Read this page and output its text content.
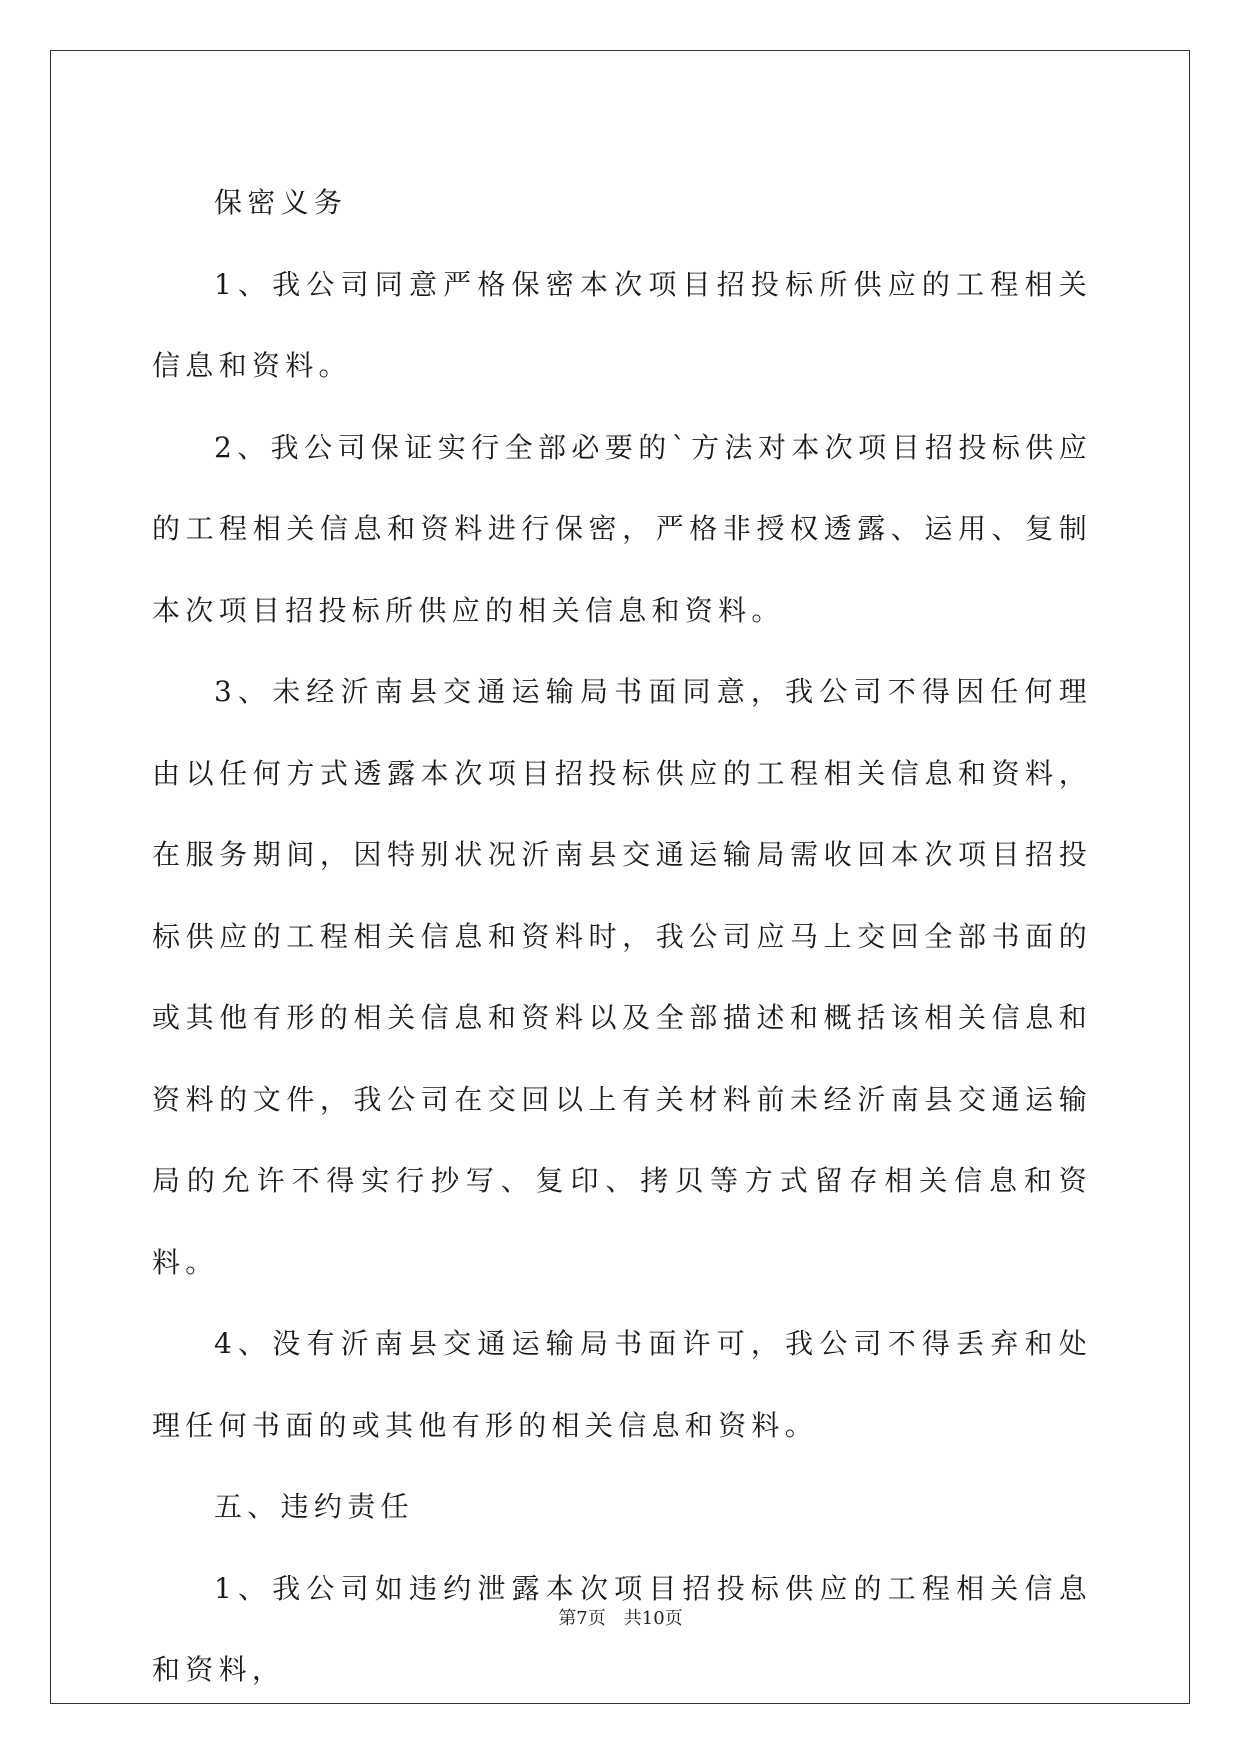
保密义务

1、我公司同意严格保密本次项目招投标所供应的工程相关信息和资料。

2、我公司保证实行全部必要的`方法对本次项目招投标供应的工程相关信息和资料进行保密，严格非授权透露、运用、复制本次项目招投标所供应的相关信息和资料。

3、未经沂南县交通运输局书面同意，我公司不得因任何理由以任何方式透露本次项目招投标供应的工程相关信息和资料，在服务期间，因特别状况沂南县交通运输局需收回本次项目招投标供应的工程相关信息和资料时，我公司应马上交回全部书面的或其他有形的相关信息和资料以及全部描述和概括该相关信息和资料的文件，我公司在交回以上有关材料前未经沂南县交通运输局的允许不得实行抄写、复印、拷贝等方式留存相关信息和资料。

4、没有沂南县交通运输局书面许可，我公司不得丢弃和处理任何书面的或其他有形的相关信息和资料。

五、违约责任

1、我公司如违约泄露本次项目招投标供应的工程相关信息和资料，

第7页　共10页
